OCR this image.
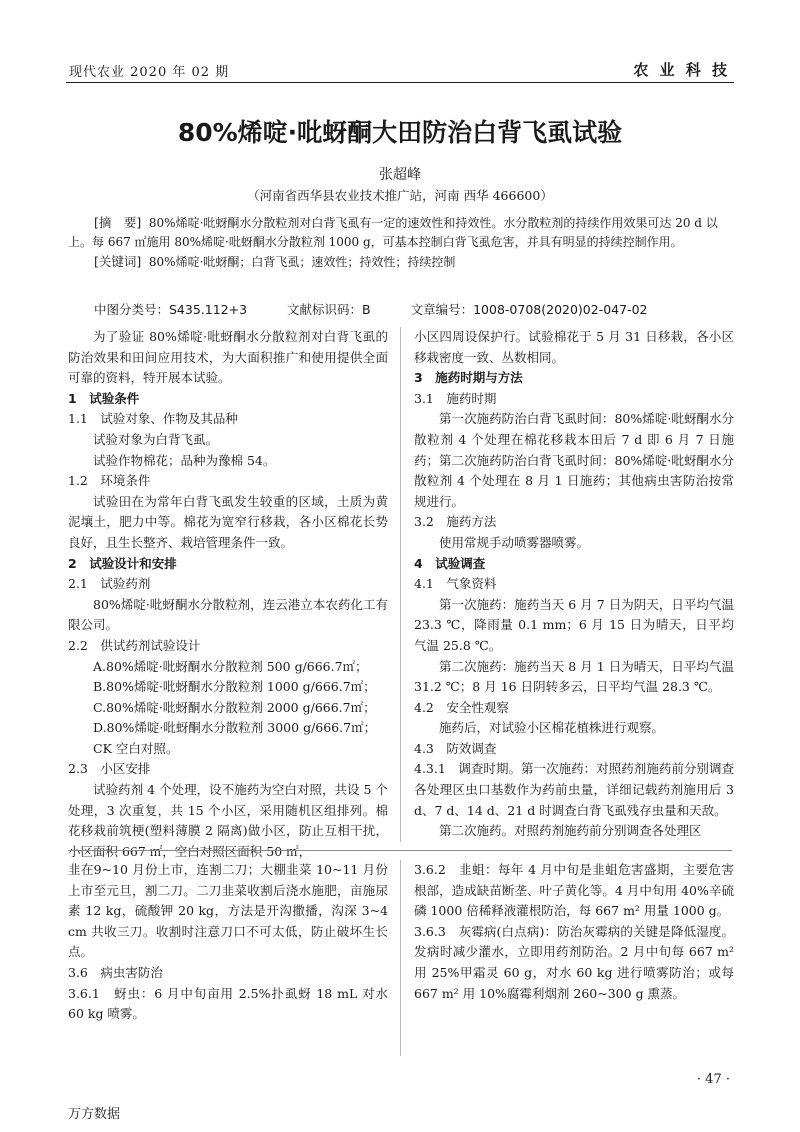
现代农业 2020 年 02 期	农 业 科 技
80%烯啶·吡蚜酮大田防治白背飞虱试验
张超峰
（河南省西华县农业技术推广站，河南 西华 466600）

[摘　要] 80%烯啶·吡蚜酮水分散粒剂对白背飞虱有一定的速效性和持效性。水分散粒剂的持续作用效果可达 20 d 以上。每 667 ㎡施用 80%烯啶·吡蚜酮水分散粒剂 1000 g，可基本控制白背飞虱危害，并具有明显的持续控制作用。

[关键词] 80%烯啶·吡蚜酮；白背飞虱；速效性；持效性；持续控制

中图分类号：S435.112+3	文献标识码：B	文章编号：1008-0708(2020)02-047-02

为了验证 80%烯啶·吡蚜酮水分散粒剂对白背飞虱的防治效果和田间应用技术，为大面积推广和使用提供全面可靠的资料，特开展本试验。

1　试验条件

1.1　试验对象、作物及其品种

试验对象为白背飞虱。

试验作物棉花；品种为豫棉 54。

1.2　环境条件

试验田在为常年白背飞虱发生较重的区域，土质为黄泥壤土，肥力中等。棉花为宽窄行移栽，各小区棉花长势良好，且生长整齐、栽培管理条件一致。

2　试验设计和安排

2.1　试验药剂

80%烯啶·吡蚜酮水分散粒剂，连云港立本农药化工有限公司。

2.2　供试药剂试验设计

A.80%烯啶·吡蚜酮水分散粒剂 500 g/666.7㎡；

B.80%烯啶·吡蚜酮水分散粒剂 1000 g/666.7㎡；

C.80%烯啶·吡蚜酮水分散粒剂 2000 g/666.7㎡；

D.80%烯啶·吡蚜酮水分散粒剂 3000 g/666.7㎡；

CK 空白对照。

2.3　小区安排

试验药剂 4 个处理，设不施药为空白对照，共设 5 个处理，3 次重复，共 15 个小区，采用随机区组排列。棉花移栽前筑梗(塑料薄膜 2 隔离)做小区，防止互相干扰，小区面积 667 ㎡，空白对照区面积 50 ㎡，

小区四周设保护行。试验棉花于 5 月 31 日移栽，各小区移栽密度一致、丛数相同。

3　施药时期与方法

3.1　施药时期

第一次施药防治白背飞虱时间：80%烯啶·吡蚜酮水分散粒剂 4 个处理在棉花移栽本田后 7 d 即 6 月 7 日施药；第二次施药防治白背飞虱时间：80%烯啶·吡蚜酮水分散粒剂 4 个处理在 8 月 1 日施药；其他病虫害防治按常规进行。

3.2　施药方法

使用常规手动喷雾器喷雾。

4　试验调查

4.1　气象资料

第一次施药：施药当天 6 月 7 日为阴天，日平均气温 23.3 ℃，降雨量 0.1 mm；6 月 15 日为晴天，日平均气温 25.8 ℃。

第二次施药：施药当天 8 月 1 日为晴天，日平均气温31.2 ℃；8 月 16 日阴转多云，日平均气温 28.3 ℃。

4.2　安全性观察

施药后，对试验小区棉花植株进行观察。

4.3　防效调查

4.3.1　调查时期。第一次施药：对照药剂施药前分别调查各处理区虫口基数作为药前虫量，详细记载药剂施用后 3 d、7 d、14 d、21 d 时调查白背飞虱残存虫量和天敌。

第二次施药。对照药剂施药前分别调查各处理区

韭在9~10 月份上市，连割二刀；大棚韭菜 10~11 月份上市至元旦，割二刀。二刀韭菜收割后浇水施肥，亩施尿素 12 kg，硫酸钾 20 kg，方法是开沟撒播，沟深 3~4 cm 共收三刀。收割时注意刀口不可太低，防止破坏生长点。

3.6　病虫害防治

3.6.1　蚜虫：6 月中旬亩用 2.5%扑虱蚜 18 mL 对水 60 kg 喷雾。

3.6.2　韭蛆：每年 4 月中旬是韭蛆危害盛期，主要危害根部，造成缺苗断垄、叶子黄化等。4 月中旬用 40%辛硫磷 1000 倍稀释液灌根防治，每 667 m² 用量 1000 g。

3.6.3　灰霉病(白点病)：防治灰霉病的关键是降低湿度。发病时减少灌水，立即用药剂防治。2 月中旬每 667 m² 用 25%甲霜灵 60 g，对水 60 kg 进行喷雾防治；或每 667 m² 用 10%腐霉利烟剂 260~300 g 熏蒸。

· 47 ·
万方数据
